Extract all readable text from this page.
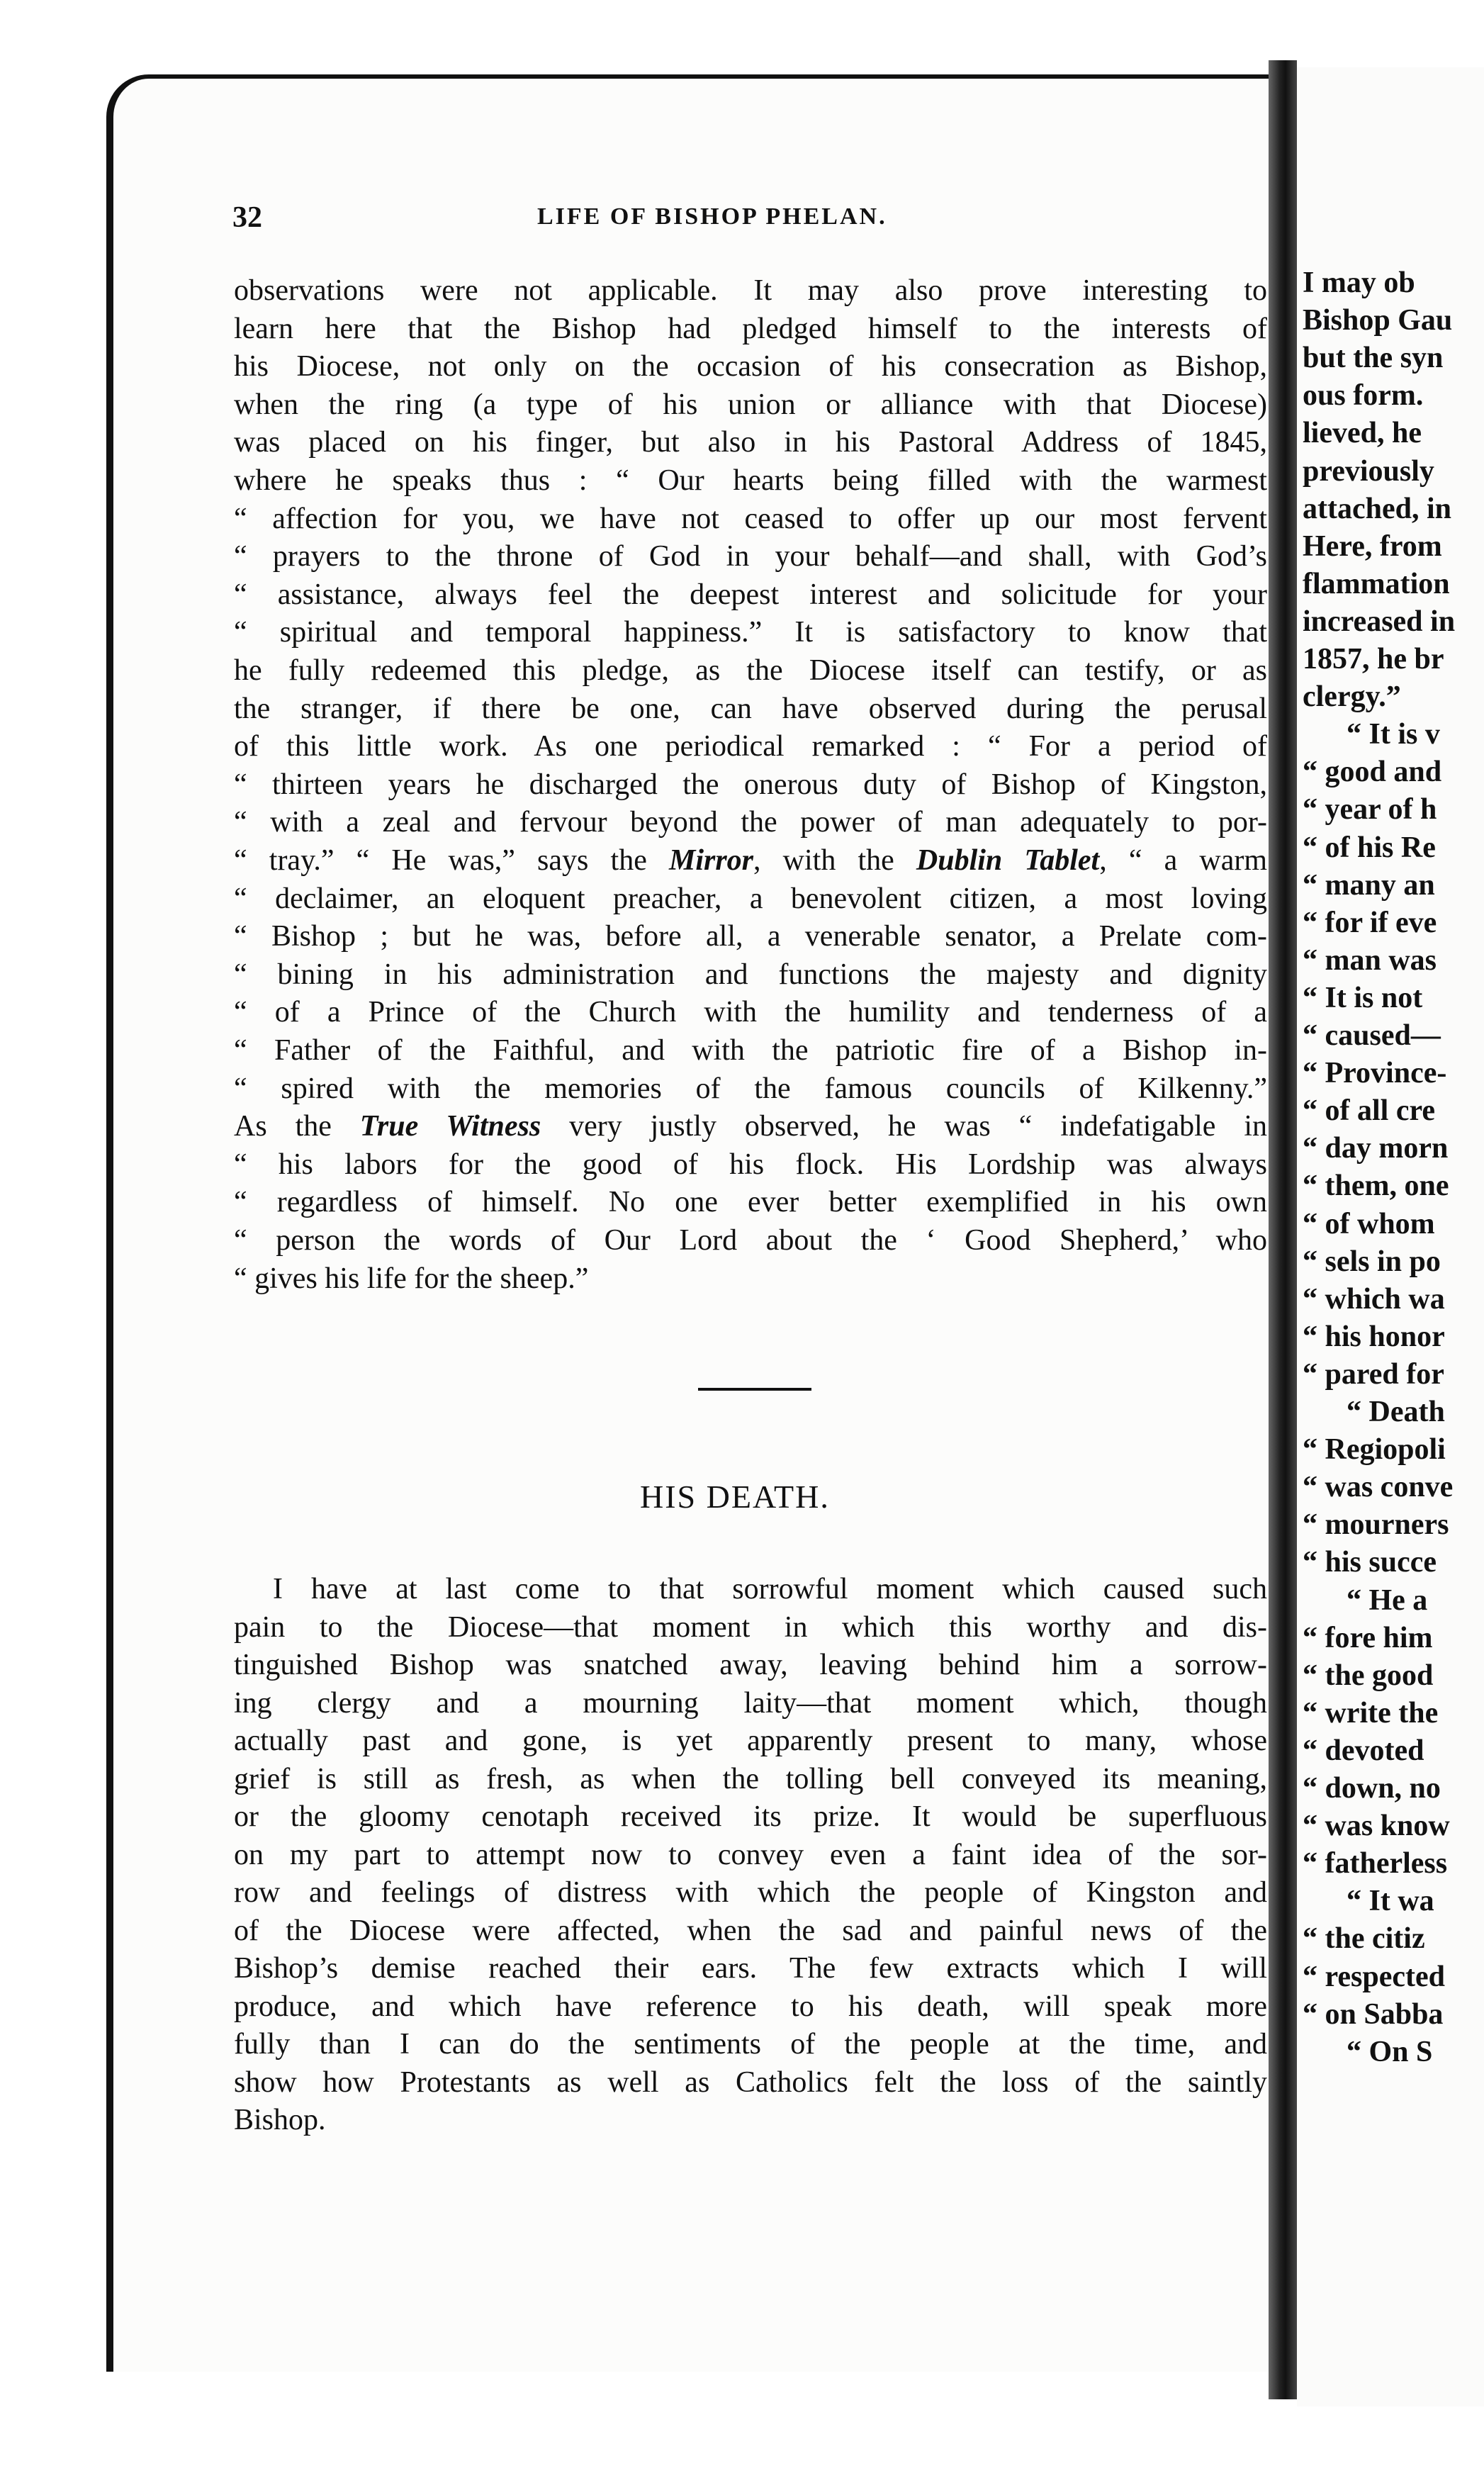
32	LIFE OF BISHOP PHELAN.
observations were not applicable. It may also prove interesting to
learn here that the Bishop had pledged himself to the interests of
his Diocese, not only on the occasion of his consecration as Bishop,
when the ring (a type of his union or alliance with that Diocese)
was placed on his finger, but also in his Pastoral Address of 1845,
where he speaks thus : “ Our hearts being filled with the warmest
“ affection for you, we have not ceased to offer up our most fervent
“ prayers to the throne of God in your behalf—and shall, with God’s
“ assistance, always feel the deepest interest and solicitude for your
“ spiritual and temporal happiness.” It is satisfactory to know that
he fully redeemed this pledge, as the Diocese itself can testify, or as
the stranger, if there be one, can have observed during the perusal
of this little work. As one periodical remarked : “ For a period of
“ thirteen years he discharged the onerous duty of Bishop of Kingston,
“ with a zeal and fervour beyond the power of man adequately to por-
“ tray.” “ He was,” says the Mirror, with the Dublin Tablet, “ a warm
“ declaimer, an eloquent preacher, a benevolent citizen, a most loving
“ Bishop ; but he was, before all, a venerable senator, a Prelate com-
“ bining in his administration and functions the majesty and dignity
“ of a Prince of the Church with the humility and tenderness of a
“ Father of the Faithful, and with the patriotic fire of a Bishop in-
“ spired with the memories of the famous councils of Kilkenny.”
As the True Witness very justly observed, he was “ indefatigable in
“ his labors for the good of his flock. His Lordship was always
“ regardless of himself. No one ever better exemplified in his own
“ person the words of Our Lord about the ‘ Good Shepherd,’ who
“ gives his life for the sheep.”
HIS DEATH.
I have at last come to that sorrowful moment which caused such
pain to the Diocese—that moment in which this worthy and dis-
tinguished Bishop was snatched away, leaving behind him a sorrow-
ing clergy and a mourning laity—that moment which, though
actually past and gone, is yet apparently present to many, whose
grief is still as fresh, as when the tolling bell conveyed its meaning,
or the gloomy cenotaph received its prize. It would be superfluous
on my part to attempt now to convey even a faint idea of the sor-
row and feelings of distress with which the people of Kingston and
of the Diocese were affected, when the sad and painful news of the
Bishop’s demise reached their ears. The few extracts which I will
produce, and which have reference to his death, will speak more
fully than I can do the sentiments of the people at the time, and
show how Protestants as well as Catholics felt the loss of the saintly
Bishop.
I may ob
Bishop Gau
but the syn
ous form.
lieved, he
previously
attached, in
Here, from
flammation
increased in
1857, he br
clergy.”
“ It is v
“ good and
“ year of h
“ of his Re
“ many an
“ for if eve
“ man was
“ It is not
“ caused—
“ Province-
“ of all cre
“ day morn
“ them, one
“ of whom
“ sels in po
“ which wa
“ his honor
“ pared for
“ Death
“ Regiopoli
“ was conve
“ mourners
“ his succe
“ He a
“ fore him
“ the good
“ write the
“ devoted
“ down, no
“ was know
“ fatherless
“ It wa
“ the citiz
“ respected
“ on Sabba
“ On S
